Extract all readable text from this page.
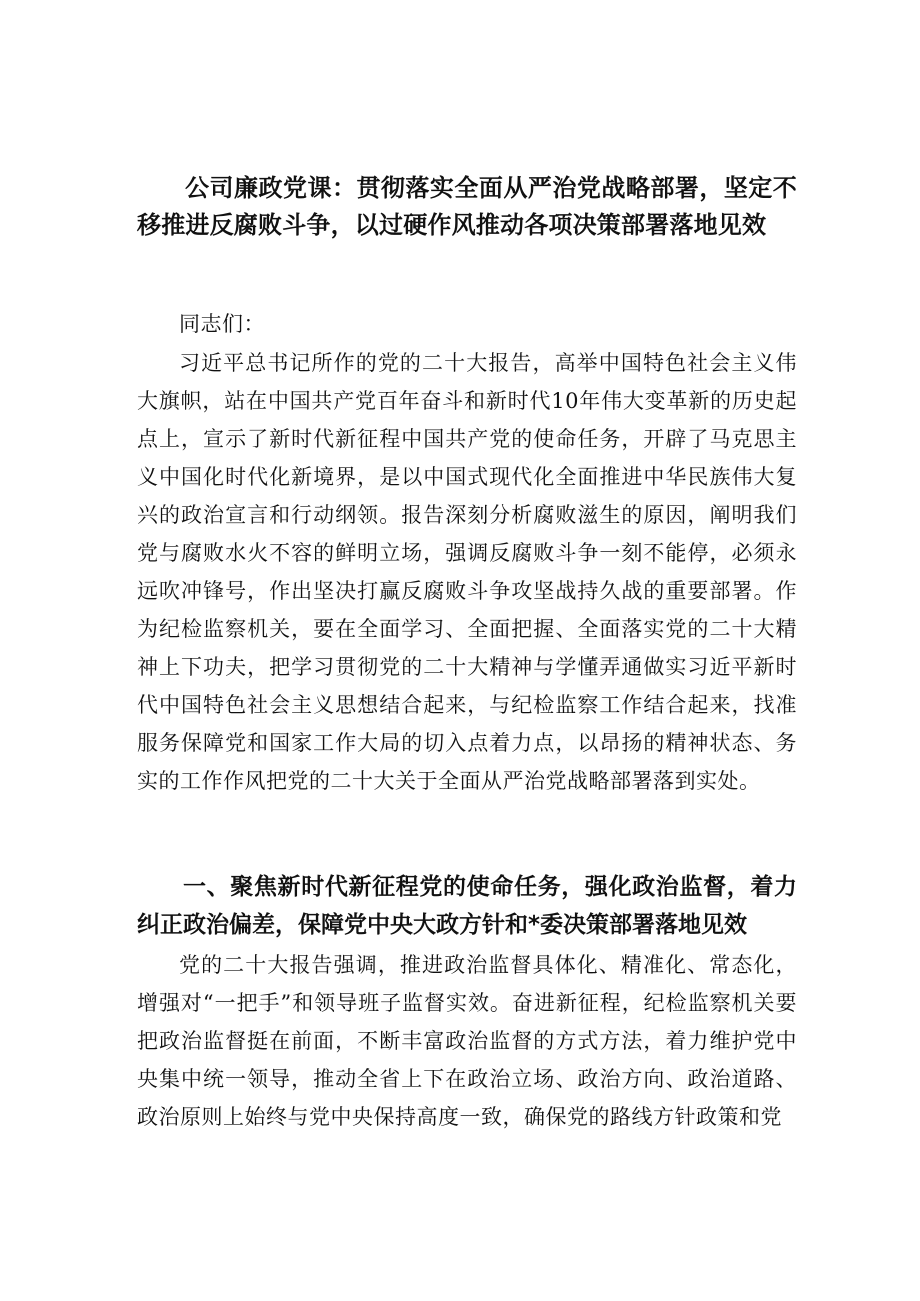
公司廉政党课：贯彻落实全面从严治党战略部署，坚定不移推进反腐败斗争，以过硬作风推动各项决策部署落地见效

同志们：

习近平总书记所作的党的二十大报告，高举中国特色社会主义伟大旗帜，站在中国共产党百年奋斗和新时代10年伟大变革新的历史起点上，宣示了新时代新征程中国共产党的使命任务，开辟了马克思主义中国化时代化新境界，是以中国式现代化全面推进中华民族伟大复兴的政治宣言和行动纲领。报告深刻分析腐败滋生的原因，阐明我们党与腐败水火不容的鲜明立场，强调反腐败斗争一刻不能停，必须永远吹冲锋号，作出坚决打赢反腐败斗争攻坚战持久战的重要部署。作为纪检监察机关，要在全面学习、全面把握、全面落实党的二十大精神上下功夫，把学习贯彻党的二十大精神与学懂弄通做实习近平新时代中国特色社会主义思想结合起来，与纪检监察工作结合起来，找准服务保障党和国家工作大局的切入点着力点，以昂扬的精神状态、务实的工作作风把党的二十大关于全面从严治党战略部署落到实处。

一、聚焦新时代新征程党的使命任务，强化政治监督，着力纠正政治偏差，保障党中央大政方针和*委决策部署落地见效

党的二十大报告强调，推进政治监督具体化、精准化、常态化，增强对“一把手”和领导班子监督实效。奋进新征程，纪检监察机关要把政治监督挺在前面，不断丰富政治监督的方式方法，着力维护党中央集中统一领导，推动全省上下在政治立场、政治方向、政治道路、政治原则上始终与党中央保持高度一致，确保党的路线方针政策和党
